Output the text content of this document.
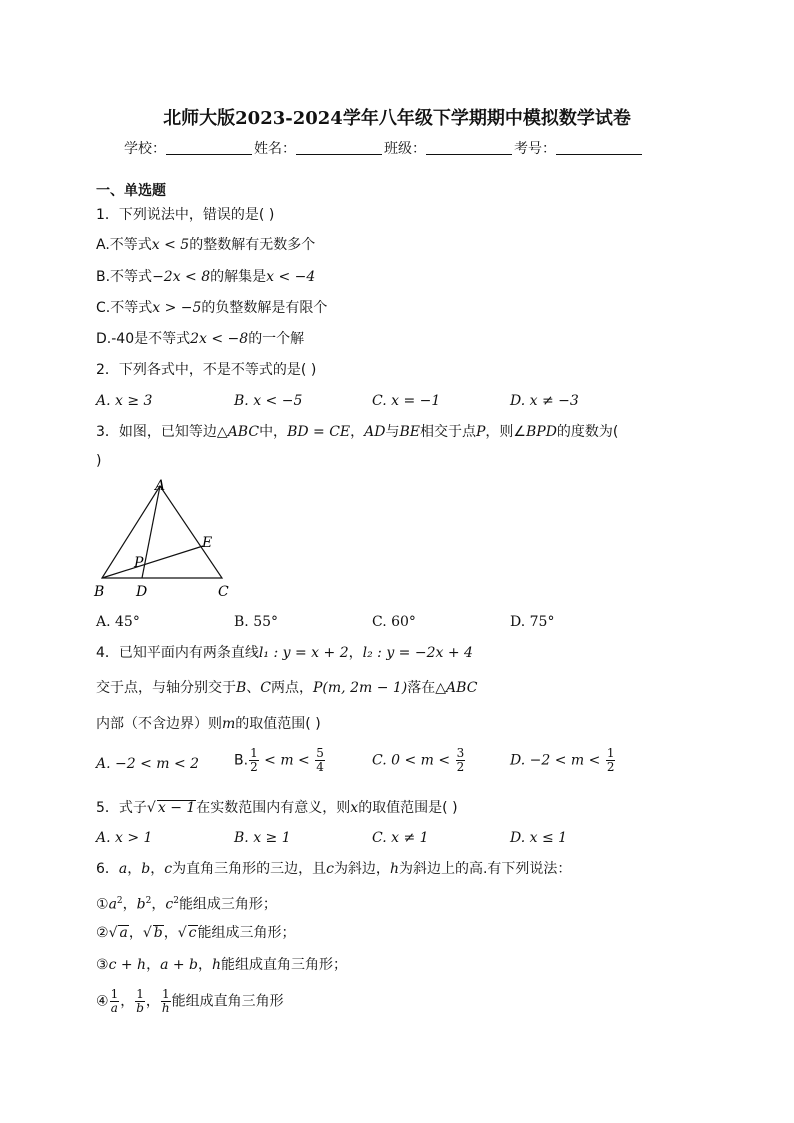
北师大版2023-2024学年八年级下学期期中模拟数学试卷
学校：	姓名：	班级：	考号：
一、单选题
1．下列说法中，错误的是( )
A.不等式x < 5的整数解有无数多个
B.不等式−2x < 8的解集是x < −4
C.不等式x > −5的负整数解是有限个
D.-40是不等式2x < −8的一个解
2．下列各式中，不是不等式的是( )
A. x ≥ 3	B. x < −5	C. x = −1	D. x ≠ −3
3．如图，已知等边△ABC中，BD = CE，AD与BE相交于点P，则∠BPD的度数为(
)
A
B D	C
E
P
A. 45°	B. 55°	C. 60°	D. 75°
4．已知平面内有两条直线l₁ : y = x + 2，l₂ : y = −2x + 4
交于点，与轴分别交于B、C两点，P(m, 2m − 1)落在△ABC
内部（不含边界）则m的取值范围( )
A. −2 < m < 2 B. $\frac{1}{2} < m < \frac{5}{4}$	C. $0 < m < \frac{3}{2}$	D. $-2 < m < \frac{1}{2}$
5．式子√ x − 1在实数范围内有意义，则x的取值范围是( )
A. x > 1	B. x ≥ 1	C. x ≠ 1	D. x ≤ 1
6．a，b，c为直角三角形的三边，且c为斜边，h为斜边上的高.有下列说法：
$①a^2$，$b^2$，$c^2$能组成三角形；
②√ a，√ b，√ c能组成三角形；
③c + h，a + b，h能组成直角三角形；
④ $\frac{1}{a}$ ， $\frac{1}{b}$ ， $\frac{1}{h}$ 能组成直角三角形
